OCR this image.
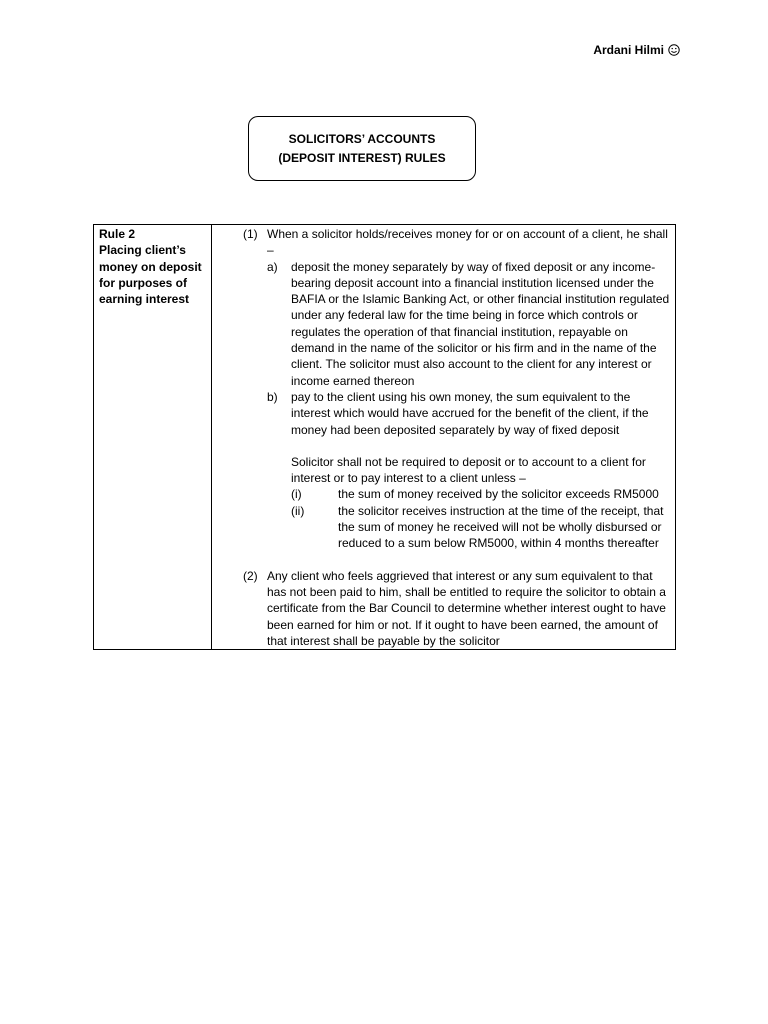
Ardani Hilmi
SOLICITORS’ ACCOUNTS (DEPOSIT INTEREST) RULES
Rule 2
Placing client’s money on deposit for purposes of earning interest

(1) When a solicitor holds/receives money for or on account of a client, he shall –
a)	deposit the money separately by way of fixed deposit or any income-bearing deposit account into a financial institution licensed under the BAFIA or the Islamic Banking Act, or other financial institution regulated under any federal law for the time being in force which controls or regulates the operation of that financial institution, repayable on demand in the name of the solicitor or his firm and in the name of the client. The solicitor must also account to the client for any interest or income earned thereon
b)	pay to the client using his own money, the sum equivalent to the interest which would have accrued for the benefit of the client, if the money had been deposited separately by way of fixed deposit
Solicitor shall not be required to deposit or to account to a client for interest or to pay interest to a client unless –
(i)	the sum of money received by the solicitor exceeds RM5000
(ii)	the solicitor receives instruction at the time of the receipt, that the sum of money he received will not be wholly disbursed or reduced to a sum below RM5000, within 4 months thereafter
(2) Any client who feels aggrieved that interest or any sum equivalent to that has not been paid to him, shall be entitled to require the solicitor to obtain a certificate from the Bar Council to determine whether interest ought to have been earned for him or not. If it ought to have been earned, the amount of that interest shall be payable by the solicitor
